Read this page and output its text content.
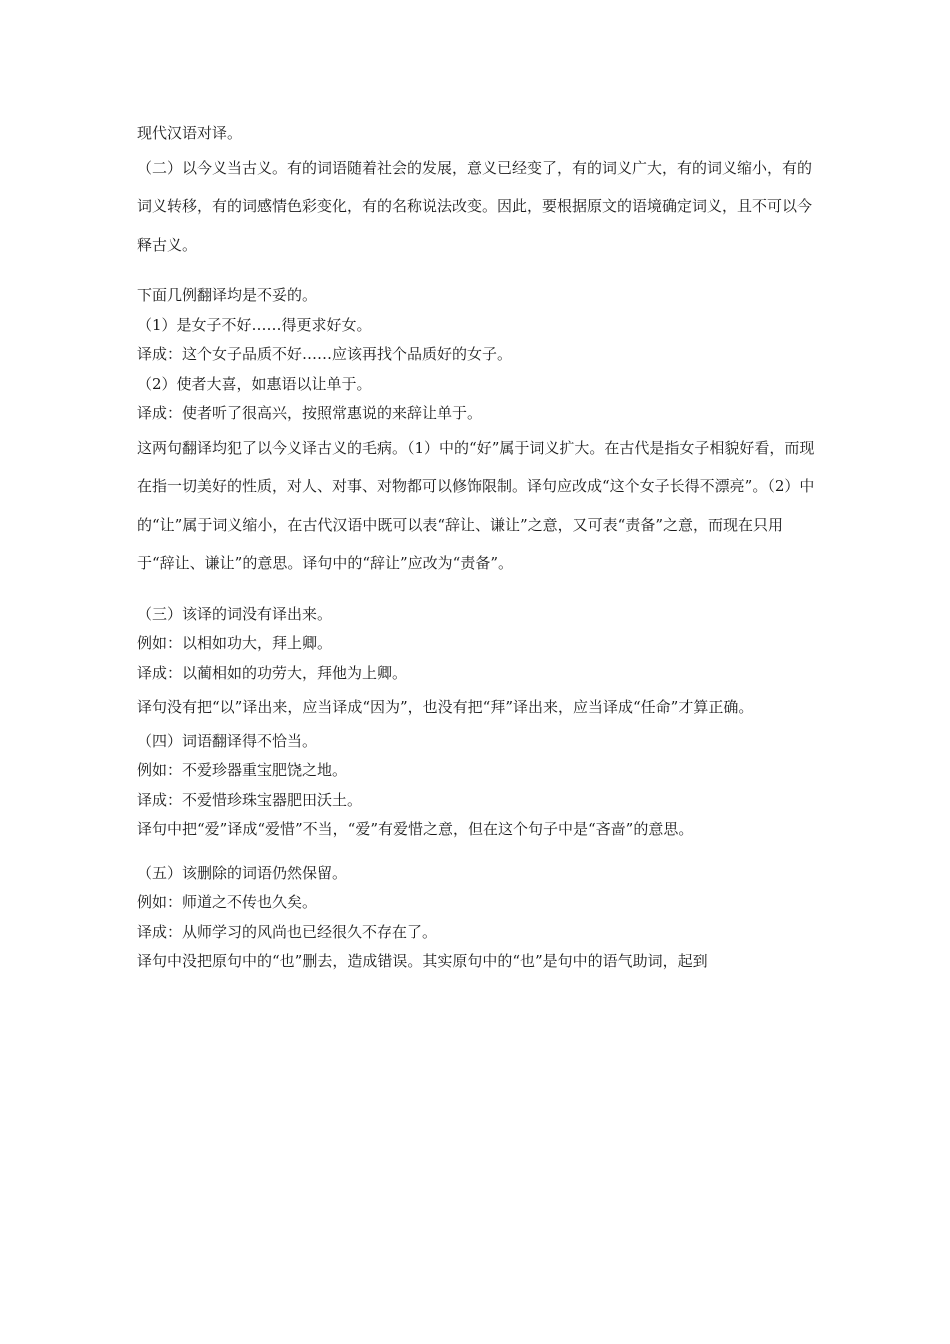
现代汉语对译。

（二）以今义当古义。有的词语随着社会的发展，意义已经变了，有的词义广大，有的词义缩小，有的词义转移，有的词感情色彩变化，有的名称说法改变。因此，要根据原文的语境确定词义，且不可以今释古义。

下面几例翻译均是不妥的。

（1）是女子不好……得更求好女。

译成：这个女子品质不好……应该再找个品质好的女子。

（2）使者大喜，如惠语以让单于。

译成：使者听了很高兴，按照常惠说的来辞让单于。

这两句翻译均犯了以今义译古义的毛病。（1）中的“好”属于词义扩大。在古代是指女子相貌好看，而现在指一切美好的性质，对人、对事、对物都可以修饰限制。译句应改成“这个女子长得不漂亮”。（2）中的“让”属于词义缩小，在古代汉语中既可以表“辞让、谦让”之意，又可表“责备”之意，而现在只用于“辞让、谦让”的意思。译句中的“辞让”应改为“责备”。

（三）该译的词没有译出来。

例如：以相如功大，拜上卿。

译成：以蔺相如的功劳大，拜他为上卿。

译句没有把“以”译出来，应当译成“因为”，也没有把“拜”译出来，应当译成“任命”才算正确。

（四）词语翻译得不恰当。

例如：不爱珍器重宝肥饶之地。

译成：不爱惜珍珠宝器肥田沃土。

译句中把“爱”译成“爱惜”不当，“爱”有爱惜之意，但在这个句子中是“吝啬”的意思。

（五）该删除的词语仍然保留。

例如：师道之不传也久矣。

译成：从师学习的风尚也已经很久不存在了。

译句中没把原句中的“也”删去，造成错误。其实原句中的“也”是句中的语气助词，起到
